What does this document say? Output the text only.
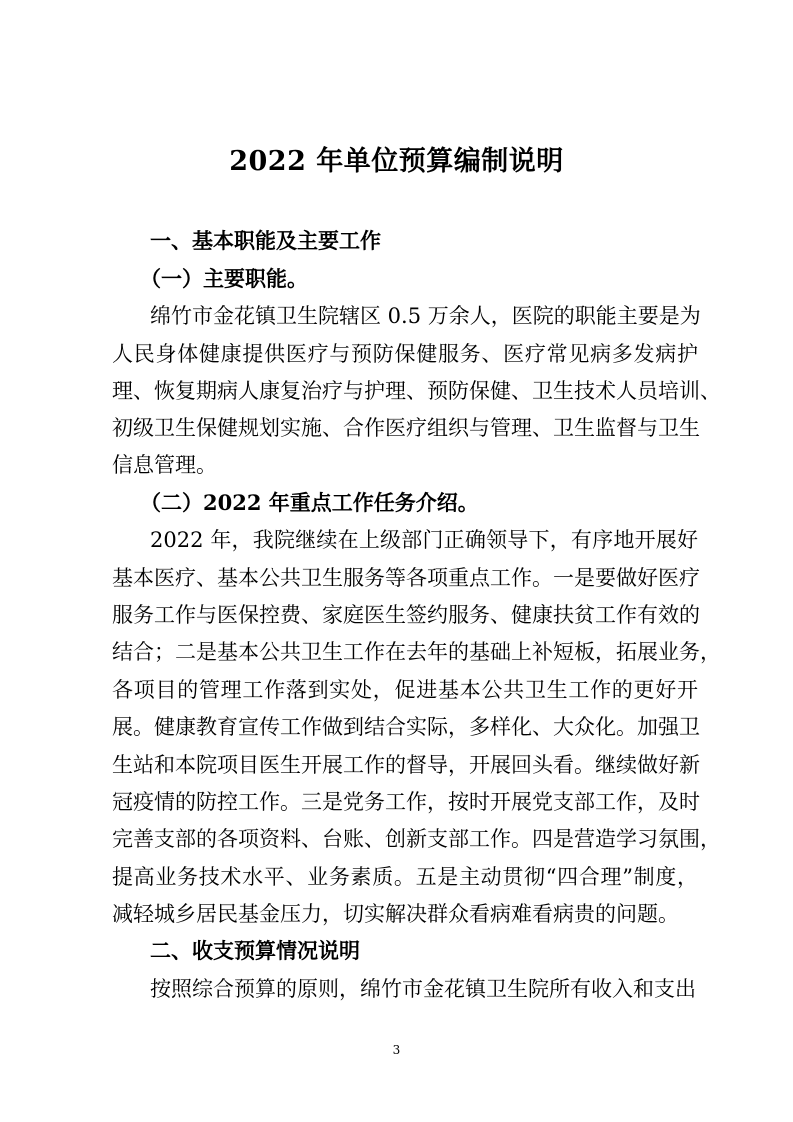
2022 年单位预算编制说明
一、基本职能及主要工作
（一）主要职能。

绵竹市金花镇卫生院辖区 0.5 万余人，医院的职能主要是为

人民身体健康提供医疗与预防保健服务、医疗常见病多发病护

理、恢复期病人康复治疗与护理、预防保健、卫生技术人员培训、

初级卫生保健规划实施、合作医疗组织与管理、卫生监督与卫生

信息管理。

（二）2022 年重点工作任务介绍。

2022 年，我院继续在上级部门正确领导下，有序地开展好

基本医疗、基本公共卫生服务等各项重点工作。一是要做好医疗

服务工作与医保控费、家庭医生签约服务、健康扶贫工作有效的

结合；二是基本公共卫生工作在去年的基础上补短板，拓展业务，

各项目的管理工作落到实处，促进基本公共卫生工作的更好开

展。健康教育宣传工作做到结合实际，多样化、大众化。加强卫

生站和本院项目医生开展工作的督导，开展回头看。继续做好新

冠疫情的防控工作。三是党务工作，按时开展党支部工作，及时

完善支部的各项资料、台账、创新支部工作。四是营造学习氛围，

提高业务技术水平、业务素质。五是主动贯彻“四合理”制度，

减轻城乡居民基金压力，切实解决群众看病难看病贵的问题。

二、收支预算情况说明

按照综合预算的原则，绵竹市金花镇卫生院所有收入和支出

3
